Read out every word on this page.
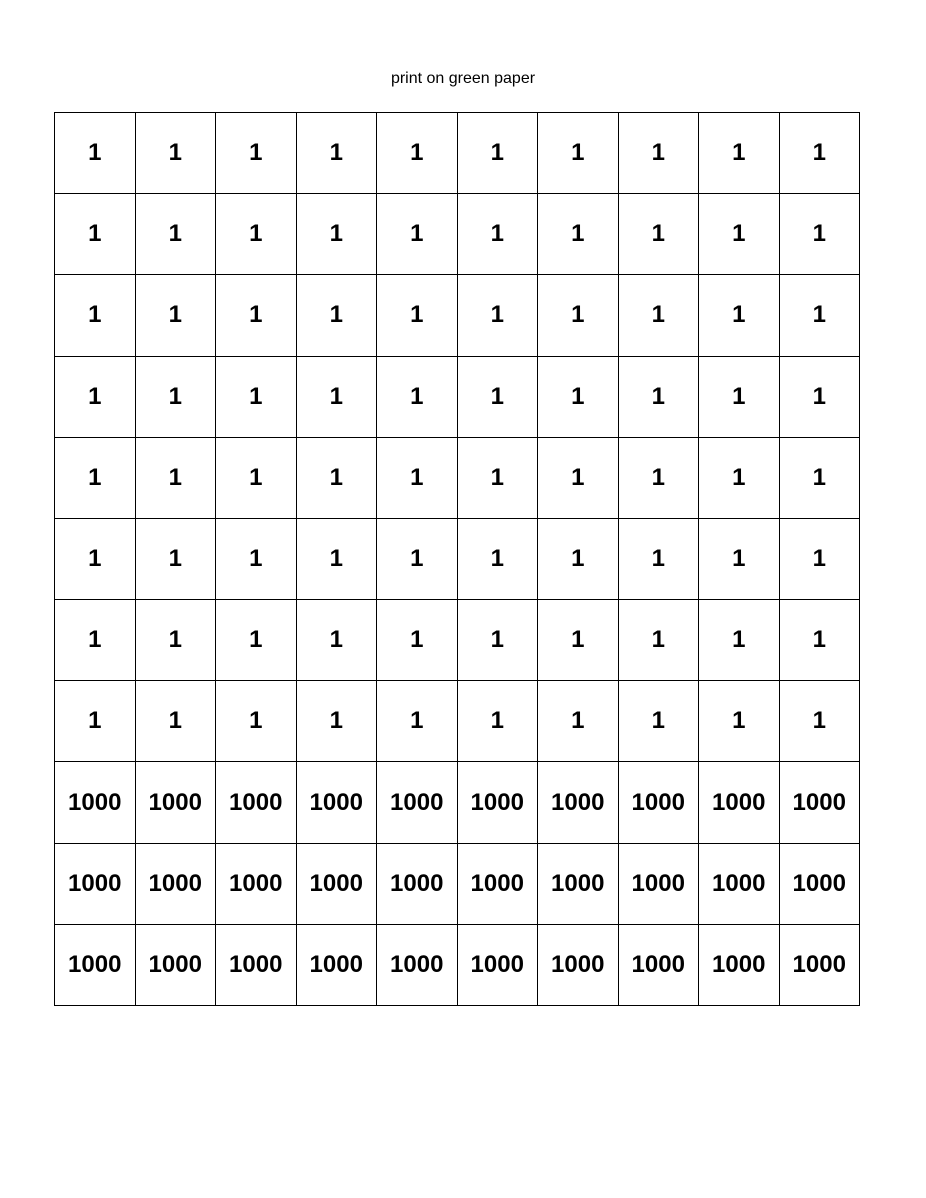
print on green paper
1	1	1	1	1	1	1	1	1	1
1	1	1	1	1	1	1	1	1	1
1	1	1	1	1	1	1	1	1	1
1	1	1	1	1	1	1	1	1	1
1	1	1	1	1	1	1	1	1	1
1	1	1	1	1	1	1	1	1	1
1	1	1	1	1	1	1	1	1	1
1	1	1	1	1	1	1	1	1	1
1000	1000	1000	1000	1000	1000	1000	1000	1000	1000
1000	1000	1000	1000	1000	1000	1000	1000	1000	1000
1000	1000	1000	1000	1000	1000	1000	1000	1000	1000
